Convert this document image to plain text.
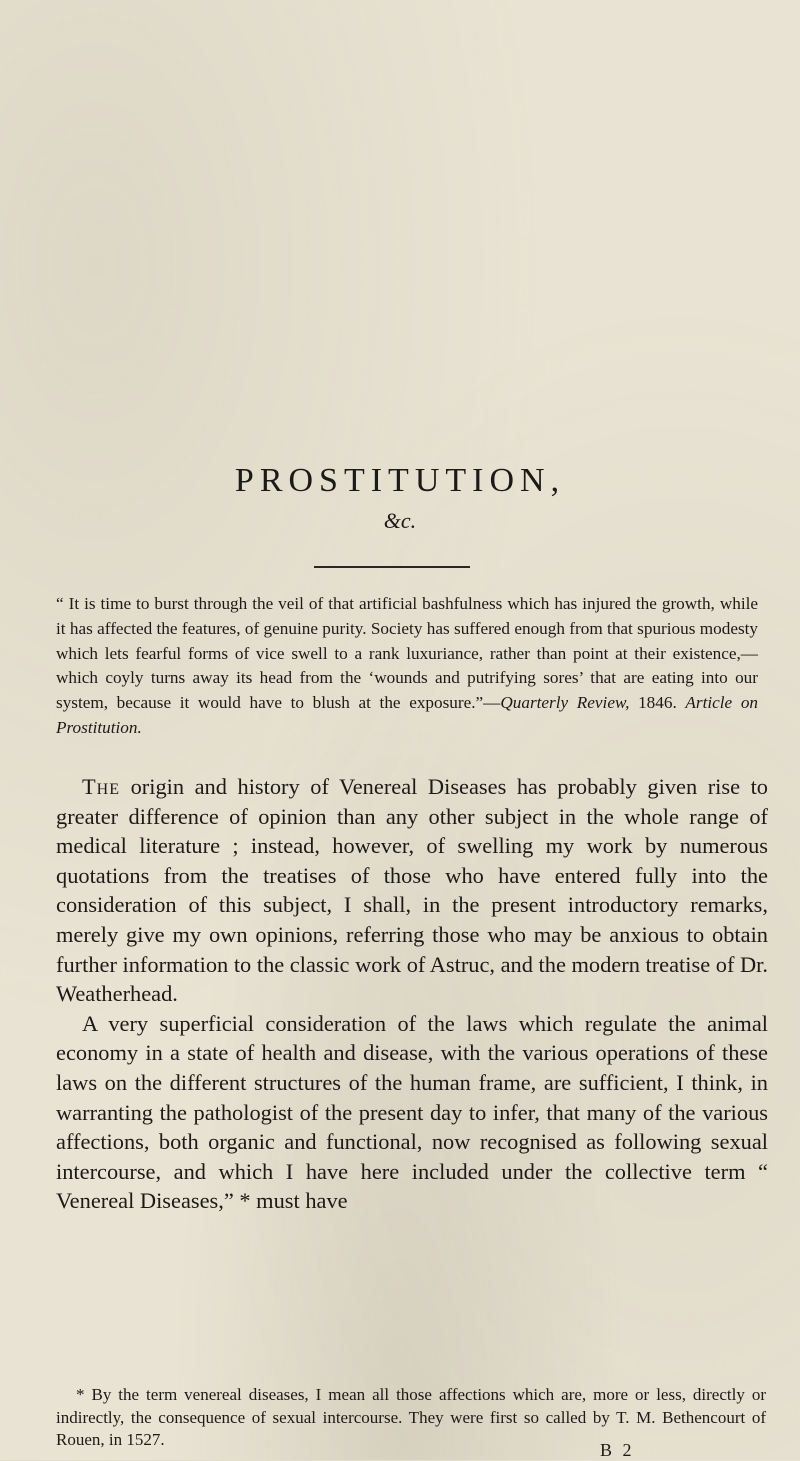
PROSTITUTION,
&c.
“ It is time to burst through the veil of that artificial bashfulness which has injured the growth, while it has affected the features, of genuine purity. Society has suffered enough from that spurious modesty which lets fearful forms of vice swell to a rank luxuriance, rather than point at their existence,—which coyly turns away its head from the ‘wounds and putrifying sores’ that are eating into our system, because it would have to blush at the exposure.”—Quarterly Review, 1846. Article on Prostitution.

The origin and history of Venereal Diseases has probably given rise to greater difference of opinion than any other subject in the whole range of medical literature ; instead, however, of swelling my work by numerous quotations from the treatises of those who have entered fully into the consideration of this subject, I shall, in the present introductory remarks, merely give my own opinions, referring those who may be anxious to obtain further information to the classic work of Astruc, and the modern treatise of Dr. Weatherhead.

A very superficial consideration of the laws which regulate the animal economy in a state of health and disease, with the various operations of these laws on the different structures of the human frame, are sufficient, I think, in warranting the pathologist of the present day to infer, that many of the various affections, both organic and functional, now recognised as following sexual intercourse, and which I have here included under the collective term “ Venereal Diseases,” * must have

* By the term venereal diseases, I mean all those affections which are, more or less, directly or indirectly, the consequence of sexual intercourse. They were first so called by T. M. Bethencourt of Rouen, in 1527.

B 2
